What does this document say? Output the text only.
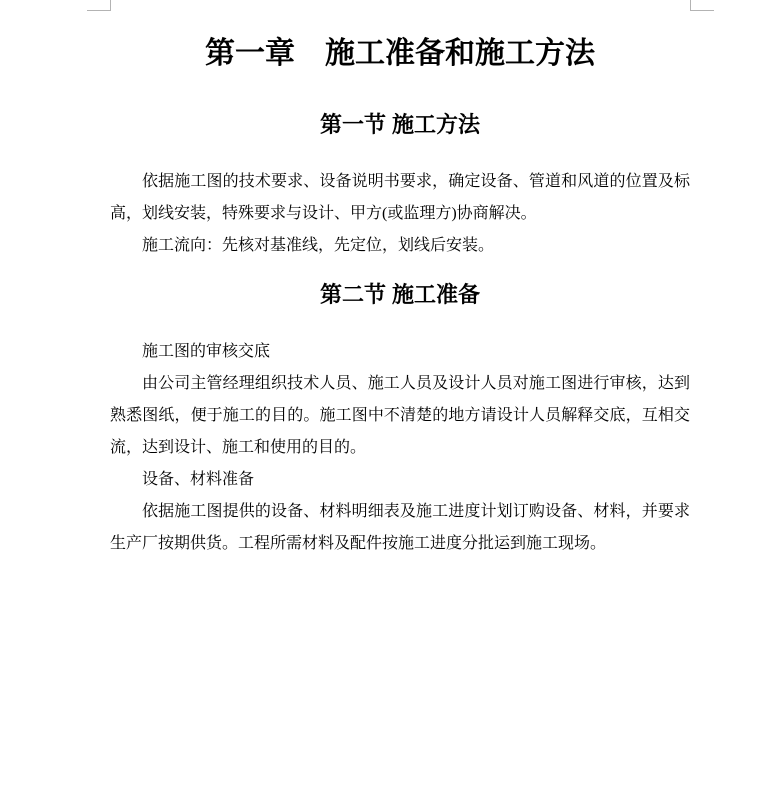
第一章　施工准备和施工方法
第一节 施工方法

依据施工图的技术要求、设备说明书要求，确定设备、管道和风道的位置及标高，划线安装，特殊要求与设计、甲方(或监理方)协商解决。

施工流向：先核对基准线，先定位，划线后安装。

第二节 施工准备

施工图的审核交底

由公司主管经理组织技术人员、施工人员及设计人员对施工图进行审核，达到熟悉图纸，便于施工的目的。施工图中不清楚的地方请设计人员解释交底，互相交流，达到设计、施工和使用的目的。

设备、材料准备

依据施工图提供的设备、材料明细表及施工进度计划订购设备、材料，并要求生产厂按期供货。工程所需材料及配件按施工进度分批运到施工现场。
